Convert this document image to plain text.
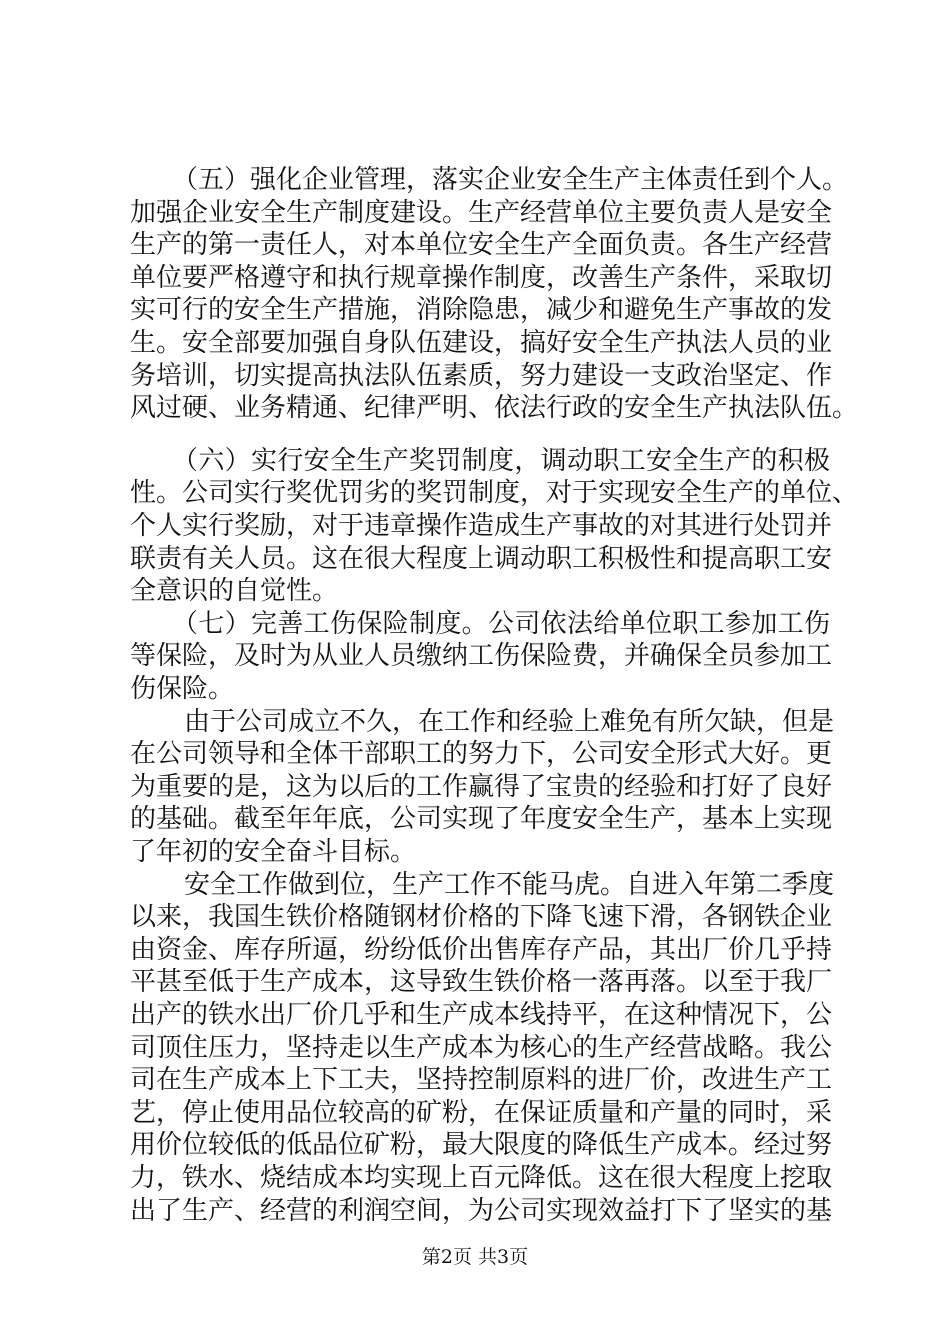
（五）强化企业管理，落实企业安全生产主体责任到个人。
加强企业安全生产制度建设。生产经营单位主要负责人是安全
生产的第一责任人，对本单位安全生产全面负责。各生产经营
单位要严格遵守和执行规章操作制度，改善生产条件，采取切
实可行的安全生产措施，消除隐患，减少和避免生产事故的发
生。安全部要加强自身队伍建设，搞好安全生产执法人员的业
务培训，切实提高执法队伍素质，努力建设一支政治坚定、作
风过硬、业务精通、纪律严明、依法行政的安全生产执法队伍。
（六）实行安全生产奖罚制度，调动职工安全生产的积极
性。公司实行奖优罚劣的奖罚制度，对于实现安全生产的单位、
个人实行奖励，对于违章操作造成生产事故的对其进行处罚并
联责有关人员。这在很大程度上调动职工积极性和提高职工安
全意识的自觉性。
（七）完善工伤保险制度。公司依法给单位职工参加工伤
等保险，及时为从业人员缴纳工伤保险费，并确保全员参加工
伤保险。
由于公司成立不久，在工作和经验上难免有所欠缺，但是
在公司领导和全体干部职工的努力下，公司安全形式大好。更
为重要的是，这为以后的工作赢得了宝贵的经验和打好了良好
的基础。截至年年底，公司实现了年度安全生产，基本上实现
了年初的安全奋斗目标。
安全工作做到位，生产工作不能马虎。自进入年第二季度
以来，我国生铁价格随钢材价格的下降飞速下滑，各钢铁企业
由资金、库存所逼，纷纷低价出售库存产品，其出厂价几乎持
平甚至低于生产成本，这导致生铁价格一落再落。以至于我厂
出产的铁水出厂价几乎和生产成本线持平，在这种情况下，公
司顶住压力，坚持走以生产成本为核心的生产经营战略。我公
司在生产成本上下工夫，坚持控制原料的进厂价，改进生产工
艺，停止使用品位较高的矿粉，在保证质量和产量的同时，采
用价位较低的低品位矿粉，最大限度的降低生产成本。经过努
力，铁水、烧结成本均实现上百元降低。这在很大程度上挖取
出了生产、经营的利润空间，为公司实现效益打下了坚实的基
第2页 共3页
